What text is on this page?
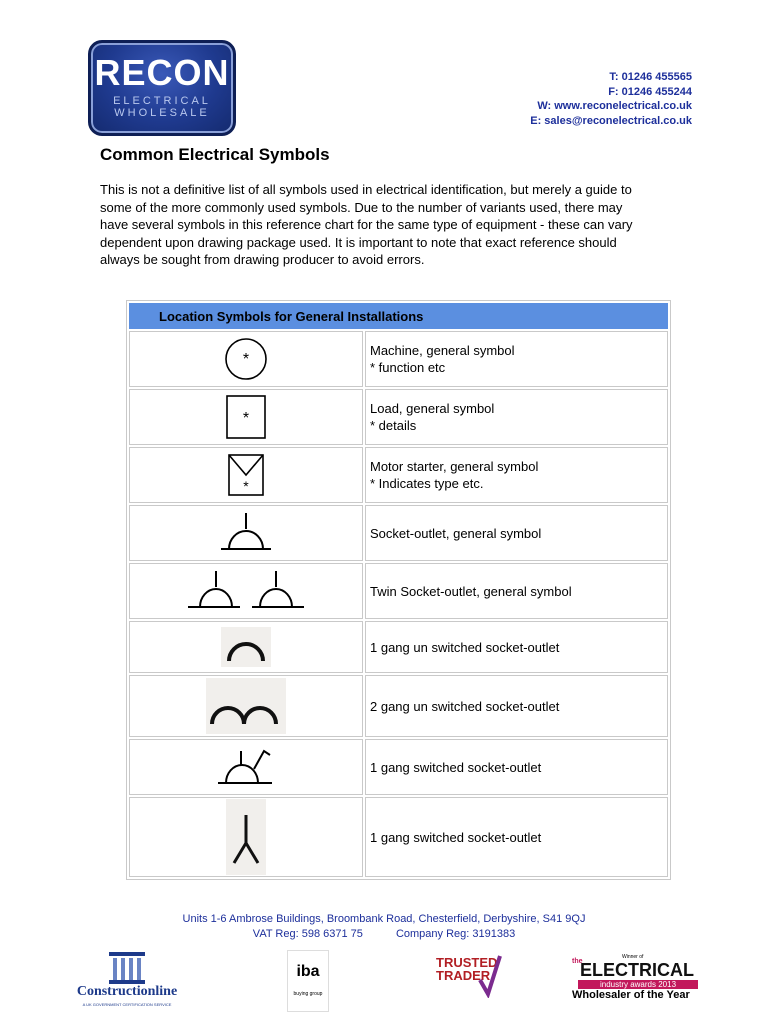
RECON
ELECTRICAL
WHOLESALE
T: 01246 455565
F: 01246 455244
W: www.reconelectrical.co.uk
E: sales@reconelectrical.co.uk
Common Electrical Symbols
This is not a definitive list of all symbols used in electrical identification, but merely a guide to some of the more commonly used symbols. Due to the number of variants used, there may have several symbols in this reference chart for the same type of equipment - these can vary dependent upon drawing package used. It is important to note that exact reference should always be sought from drawing producer to avoid errors.
Location Symbols for General Installations	

*	Machine, general symbol
* function etc

*	Load, general symbol
* details

*	Motor starter, general symbol
* Indicates type etc.

Socket-outlet, general symbol

Twin Socket-outlet, general symbol

1 gang un switched socket-outlet

2 gang un switched socket-outlet

1 gang switched socket-outlet

1 gang switched socket-outlet
Units 1-6 Ambrose Buildings, Broombank Road, Chesterfield, Derbyshire, S41 9QJ
VAT Reg: 598 6371 75	Company Reg: 3191383
Constructionline
A UK GOVERNMENT CERTIFICATION SERVICE
iba
buying group
TRUSTED
TRADER
Winner of
the
ELECTRICAL
industry awards 2013
Wholesaler of the Year
